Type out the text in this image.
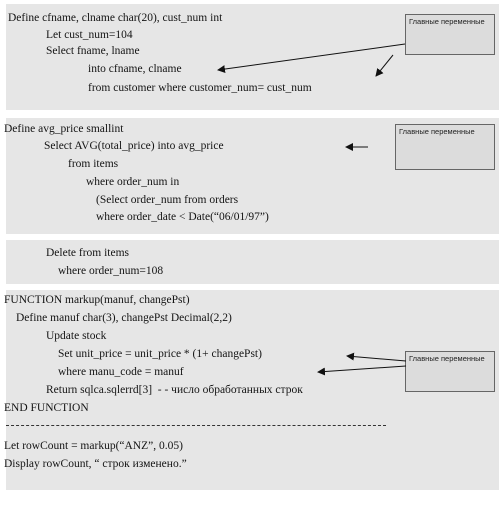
Define cfname, clname char(20), cust_num int
Let cust_num=104
Select fname, lname
into cfname, clname
from customer where customer_num= cust_num
Главные переменные
Define avg_price smallint
Select AVG(total_price) into avg_price
from items
where order_num in
(Select order_num from orders
where order_date < Date(“06/01/97”)
Главные переменные
Delete from items
where order_num=108
FUNCTION markup(manuf, changePst)
Define manuf char(3), changePst Decimal(2,2)
Update stock
Set unit_price = unit_price * (1+ changePst)
where manu_code = manuf
Return sqlca.sqlerrd[3]  - - число обработанных строк
END FUNCTION
Let rowCount = markup(“ANZ”, 0.05)
Display rowCount, “ строк изменено.”
Главные переменные
